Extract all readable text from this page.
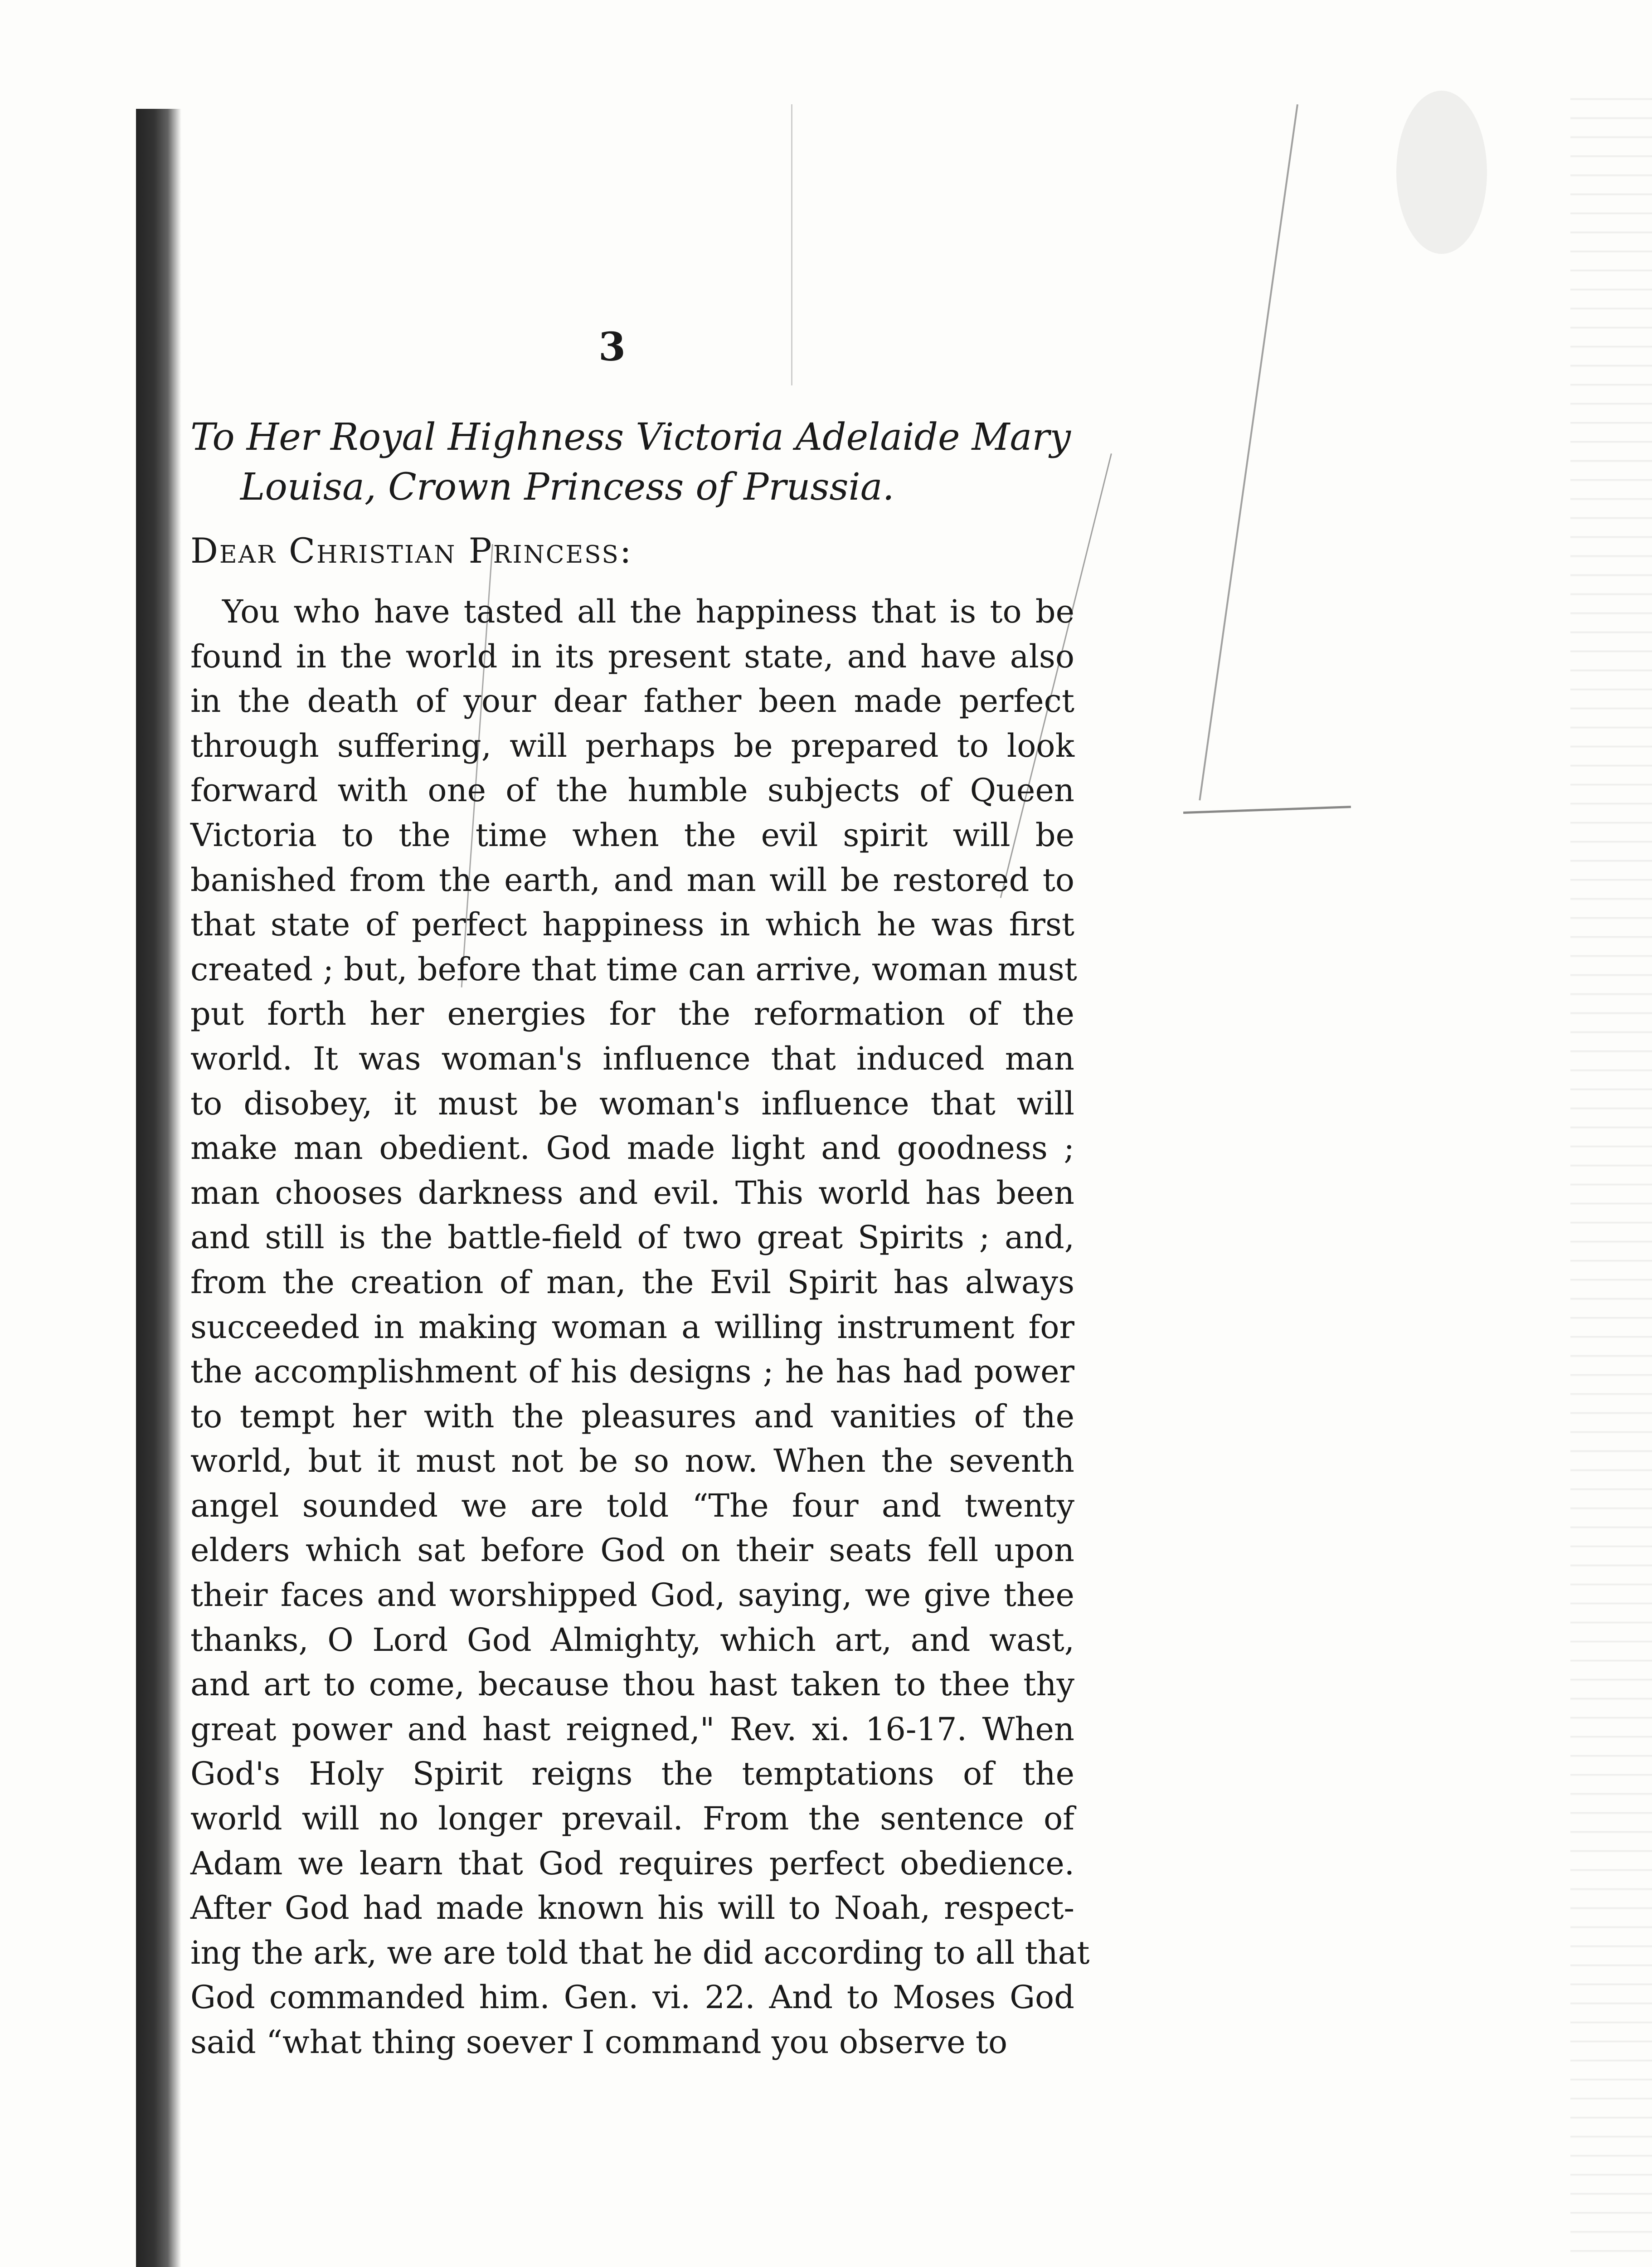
3
To Her Royal Highness Victoria Adelaide Mary
Louisa, Crown Princess of Prussia.
Dear Christian Princess:
You who have tasted all the happiness that is to be
found in the world in its present state, and have also
in the death of your dear father been made perfect
through suffering, will perhaps be prepared to look
forward with one of the humble subjects of Queen
Victoria to the time when the evil spirit will be
banished from the earth, and man will be restored to
that state of perfect happiness in which he was first
created ; but, before that time can arrive, woman must
put forth her energies for the reformation of the
world. It was woman's influence that induced man
to disobey, it must be woman's influence that will
make man obedient. God made light and goodness ;
man chooses darkness and evil. This world has been
and still is the battle-field of two great Spirits ; and,
from the creation of man, the Evil Spirit has always
succeeded in making woman a willing instrument for
the accomplishment of his designs ; he has had power
to tempt her with the pleasures and vanities of the
world, but it must not be so now. When the seventh
angel sounded we are told “The four and twenty
elders which sat before God on their seats fell upon
their faces and worshipped God, saying, we give thee
thanks, O Lord God Almighty, which art, and wast,
and art to come, because thou hast taken to thee thy
great power and hast reigned," Rev. xi. 16-17. When
God's Holy Spirit reigns the temptations of the
world will no longer prevail. From the sentence of
Adam we learn that God requires perfect obedience.
After God had made known his will to Noah, respect-
ing the ark, we are told that he did according to all that
God commanded him. Gen. vi. 22. And to Moses God
said “what thing soever I command you observe to
